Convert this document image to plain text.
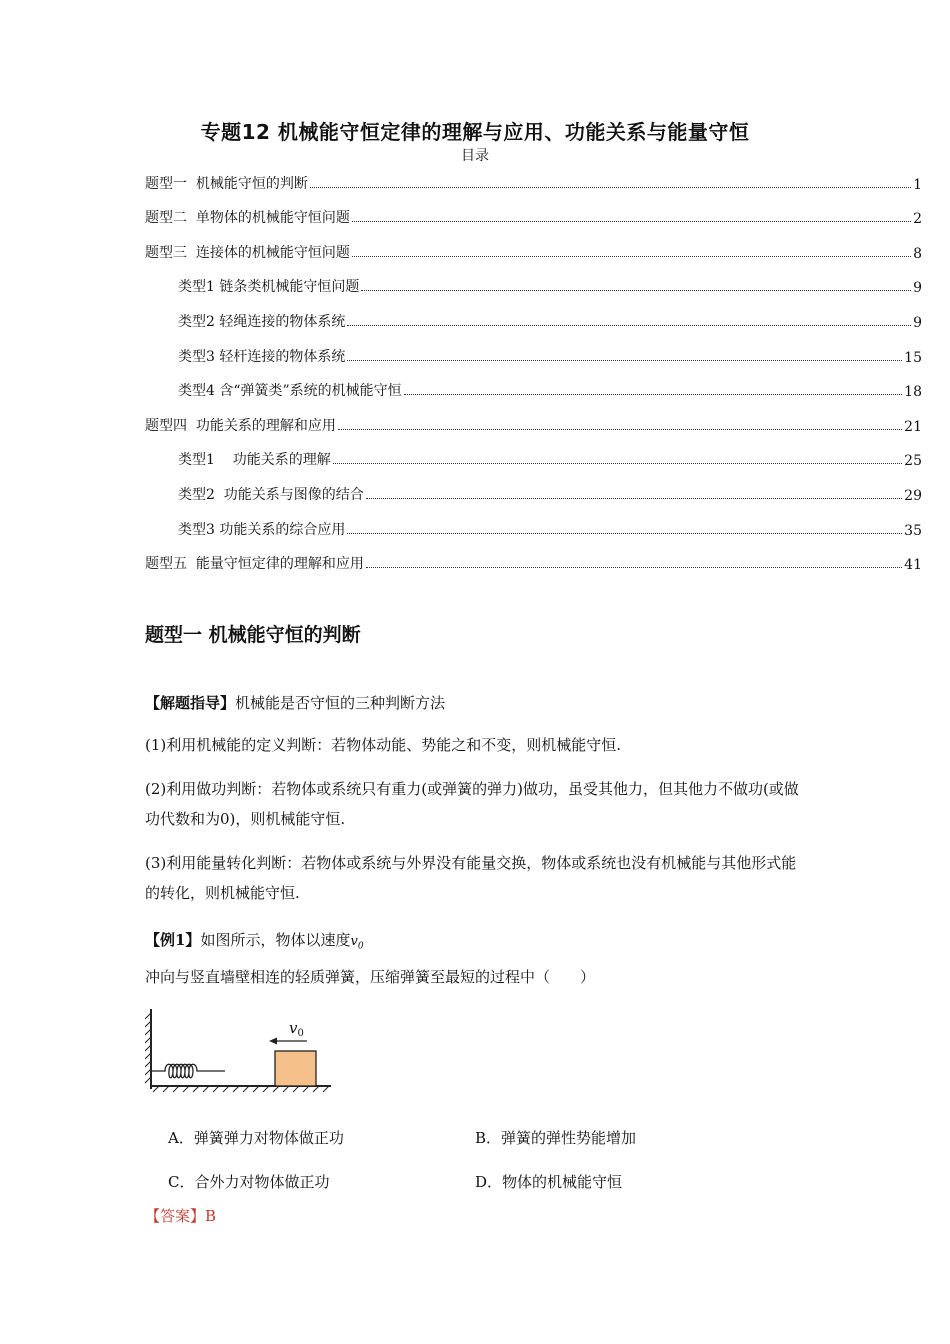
专题12 机械能守恒定律的理解与应用、功能关系与能量守恒
目录
题型一  机械能守恒的判断	1
题型二  单物体的机械能守恒问题	2
题型三  连接体的机械能守恒问题	8
类型1 链条类机械能守恒问题	9
类型2 轻绳连接的物体系统	9
类型3 轻杆连接的物体系统	15
类型4 含“弹簧类”系统的机械能守恒	18
题型四  功能关系的理解和应用	21
类型1    功能关系的理解	25
类型2  功能关系与图像的结合	29
类型3 功能关系的综合应用	35
题型五  能量守恒定律的理解和应用	41
题型一 机械能守恒的判断
【解题指导】机械能是否守恒的三种判断方法
(1)利用机械能的定义判断：若物体动能、势能之和不变，则机械能守恒.
(2)利用做功判断：若物体或系统只有重力(或弹簧的弹力)做功，虽受其他力，但其他力不做功(或做功代数和为0)，则机械能守恒.
(3)利用能量转化判断：若物体或系统与外界没有能量交换，物体或系统也没有机械能与其他形式能的转化，则机械能守恒.
【例1】如图所示，物体以速度$v_0$冲向与竖直墙壁相连的轻质弹簧，压缩弹簧至最短的过程中（　　）
$v_0$
A．弹簧弹力对物体做正功	B．弹簧的弹性势能增加
C．合外力对物体做正功	D．物体的机械能守恒
【答案】B
